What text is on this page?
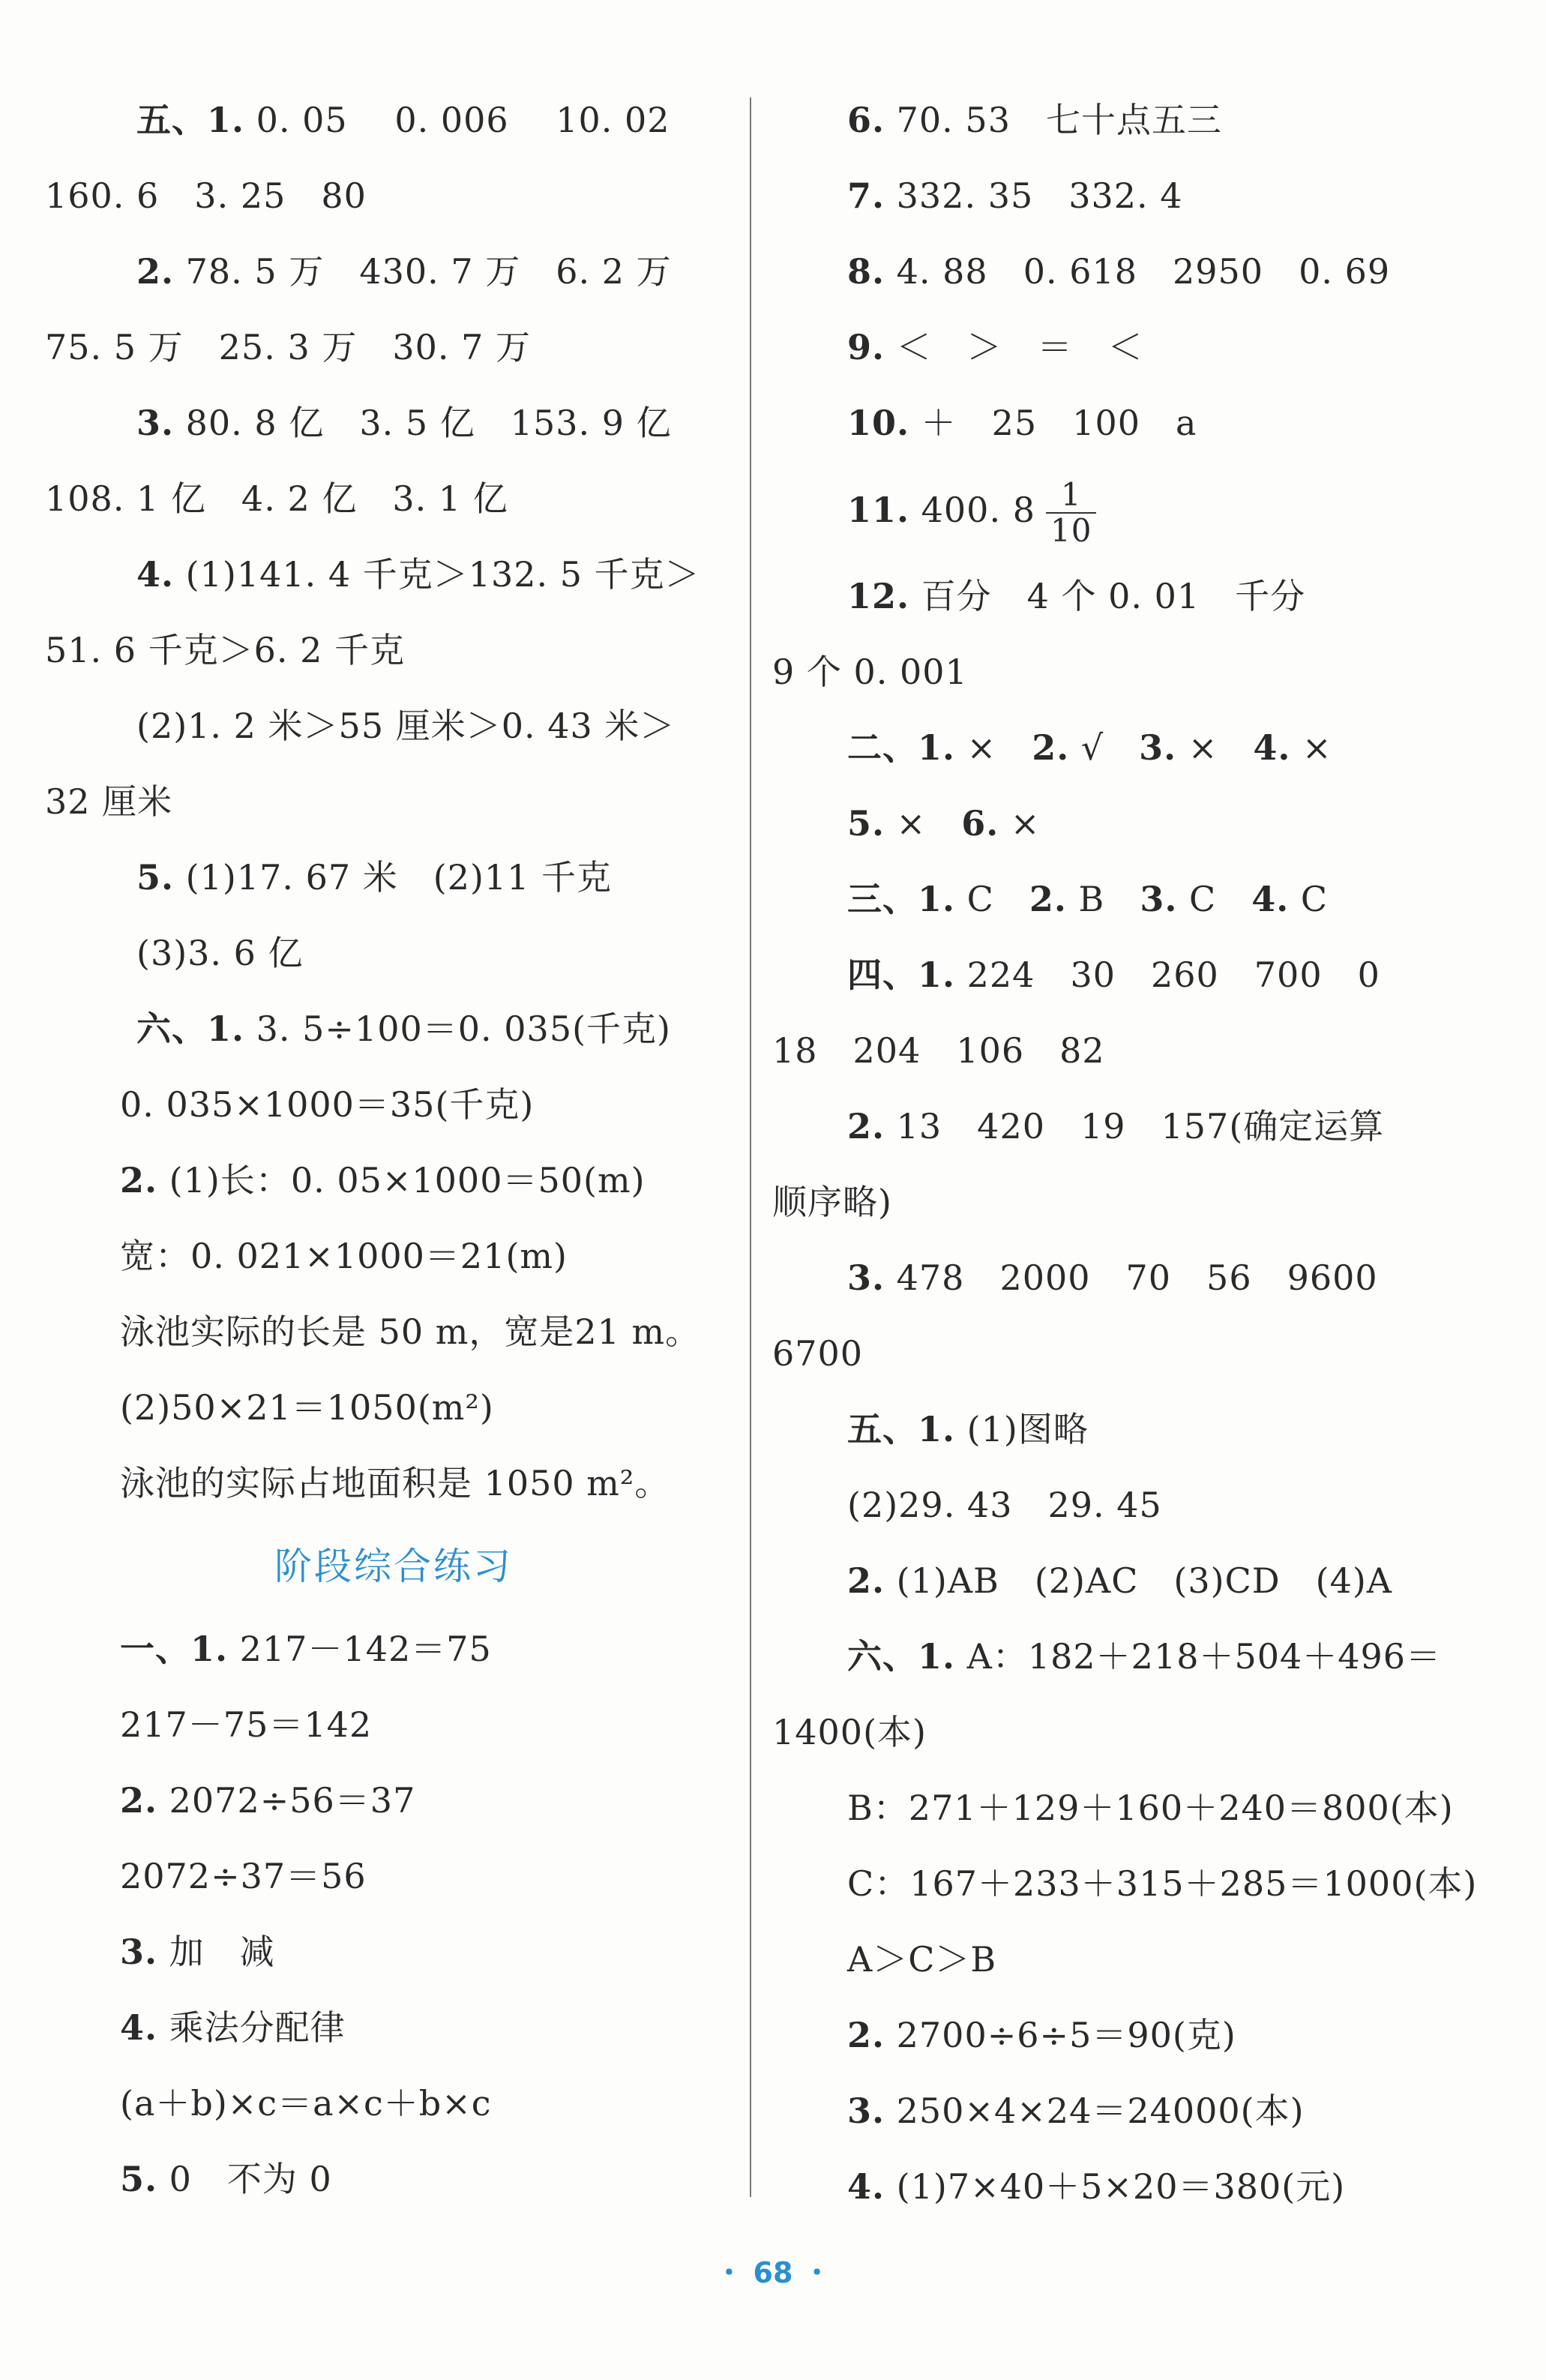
五、1. 0. 05　 0. 006　 10. 02
160. 6　3. 25　80
2. 78. 5 万　430. 7 万　6. 2 万
75. 5 万　25. 3 万　30. 7 万
3. 80. 8 亿　3. 5 亿　153. 9 亿
108. 1 亿　4. 2 亿　3. 1 亿
4. (1)141. 4 千克＞132. 5 千克＞
51. 6 千克＞6. 2 千克
(2)1. 2 米＞55 厘米＞0. 43 米＞
32 厘米
5. (1)17. 67 米　(2)11 千克
(3)3. 6 亿
六、1. 3. 5÷100＝0. 035(千克)
0. 035×1000＝35(千克)
2. (1)长：0. 05×1000＝50(m)
宽：0. 021×1000＝21(m)
泳池实际的长是 50 m，宽是21 m。
(2)50×21＝1050(m²)
泳池的实际占地面积是 1050 m²。
阶段综合练习
一、1. 217－142＝75
217－75＝142
2. 2072÷56＝37
2072÷37＝56
3. 加　减
4. 乘法分配律
(a＋b)×c＝a×c＋b×c
5. 0　不为 0
6. 70. 53　七十点五三
7. 332. 35　332. 4
8. 4. 88　0. 618　2950　0. 69
9. ＜　＞　＝　＜
10. ＋　25　100　a
11. 400. $8 \frac{1}{10}$
12. 百分　4 个 0. 01　千分
9 个 0. 001
二、1. ×　2. √　3. ×　4. ×
5. ×　6. ×
三、1. C　2. B　3. C　4. C
四、1. 224　30　260　700　0
18　204　106　82
2. 13　420　19　157(确定运算
顺序略)
3. 478　2000　70　56　9600
6700
五、1. (1)图略
(2)29. 43　29. 45
2. (1)AB　(2)AC　(3)CD　(4)A
六、1. A：182＋218＋504＋496＝
1400(本)
B：271＋129＋160＋240＝800(本)
C：167＋233＋315＋285＝1000(本)
A＞C＞B
2. 2700÷6÷5＝90(克)
3. 250×4×24＝24000(本)
4. (1)7×40＋5×20＝380(元)
・ 68 ・
